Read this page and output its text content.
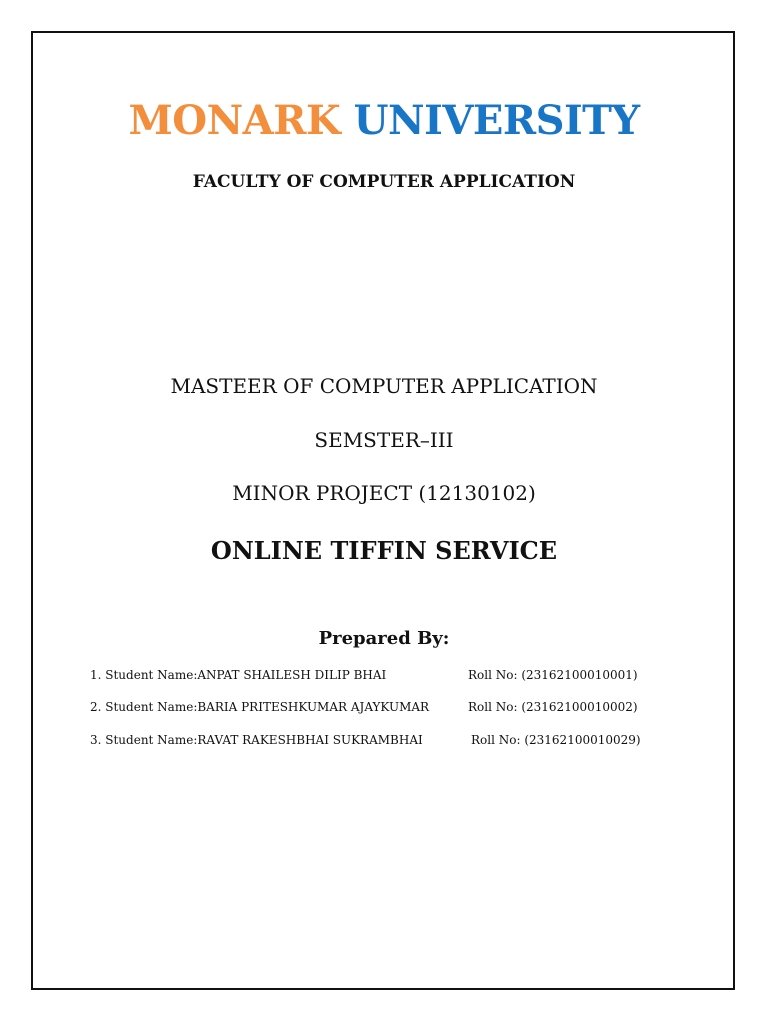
MONARK UNIVERSITY
FACULTY OF COMPUTER APPLICATION
MASTEER OF COMPUTER APPLICATION
SEMSTER–III
MINOR PROJECT (12130102)
ONLINE TIFFIN SERVICE
Prepared By:
1. Student Name:ANPAT SHAILESH DILIP BHAI	Roll No: (23162100010001)
2. Student Name:BARIA PRITESHKUMAR AJAYKUMAR	Roll No: (23162100010002)
3. Student Name:RAVAT RAKESHBHAI SUKRAMBHAI	Roll No: (23162100010029)
